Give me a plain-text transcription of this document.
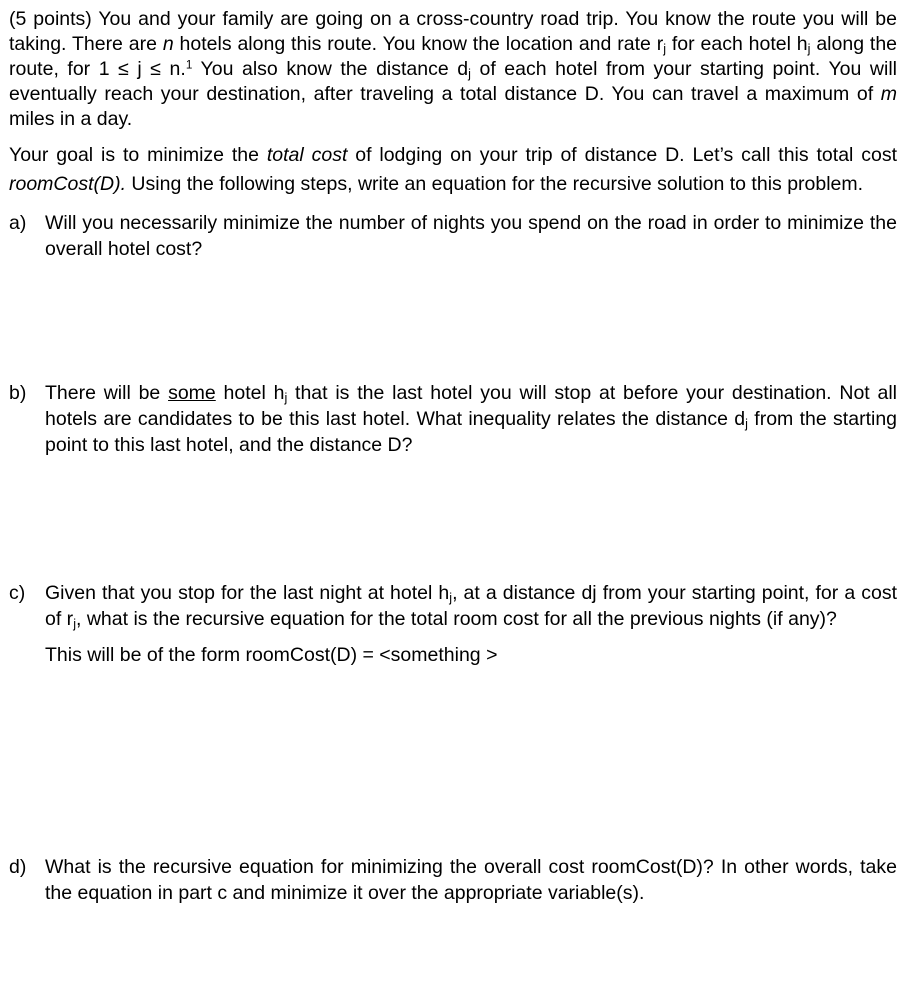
(5 points) You and your family are going on a cross-country road trip. You know the route you will be taking. There are n hotels along this route. You know the location and rate $r_j$ for each hotel $h_j$ along the route, for 1 ≤ j ≤ n.$^1$ You also know the distance $d_j$ of each hotel from your starting point. You will eventually reach your destination, after traveling a total distance D. You can travel a maximum of m miles in a day.

Your goal is to minimize the total cost of lodging on your trip of distance D. Let’s call this total cost roomCost(D). Using the following steps, write an equation for the recursive solution to this problem.

a) Will you necessarily minimize the number of nights you spend on the road in order to minimize the overall hotel cost?

b) There will be some hotel $h_j$ that is the last hotel you will stop at before your destination. Not all hotels are candidates to be this last hotel. What inequality relates the distance $d_j$ from the starting point to this last hotel, and the distance D?

c) Given that you stop for the last night at hotel $h_j$, at a distance dj from your starting point, for a cost of $r_j$, what is the recursive equation for the total room cost for all the previous nights (if any)?

This will be of the form roomCost(D) = <something >

d) What is the recursive equation for minimizing the overall cost roomCost(D)? In other words, take the equation in part c and minimize it over the appropriate variable(s).
